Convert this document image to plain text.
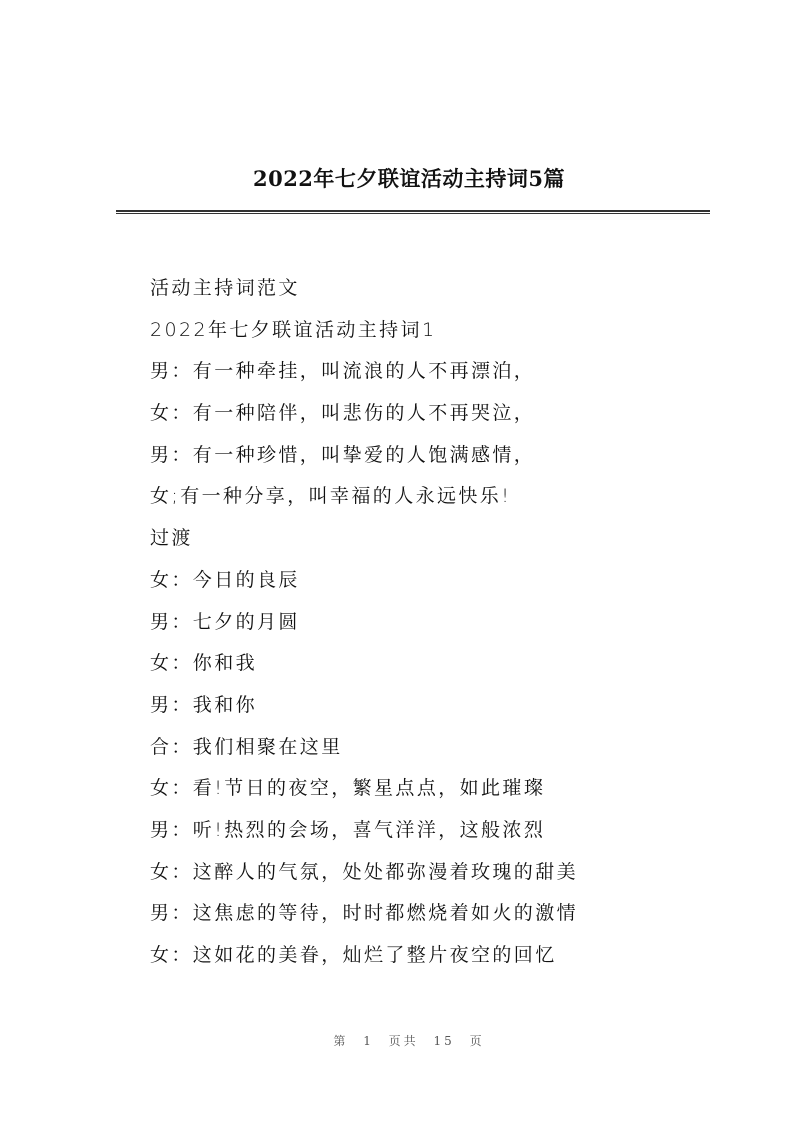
2022年七夕联谊活动主持词5篇
活动主持词范文
2022年七夕联谊活动主持词1
男：有一种牵挂，叫流浪的人不再漂泊，
女：有一种陪伴，叫悲伤的人不再哭泣，
男：有一种珍惜，叫挚爱的人饱满感情，
女;有一种分享，叫幸福的人永远快乐!
过渡
女：今日的良辰
男：七夕的月圆
女：你和我
男：我和你
合：我们相聚在这里
女：看!节日的夜空，繁星点点，如此璀璨
男：听!热烈的会场，喜气洋洋，这般浓烈
女：这醉人的气氛，处处都弥漫着玫瑰的甜美
男：这焦虑的等待，时时都燃烧着如火的激情
女：这如花的美眷，灿烂了整片夜空的回忆
第 1 页共 15 页
